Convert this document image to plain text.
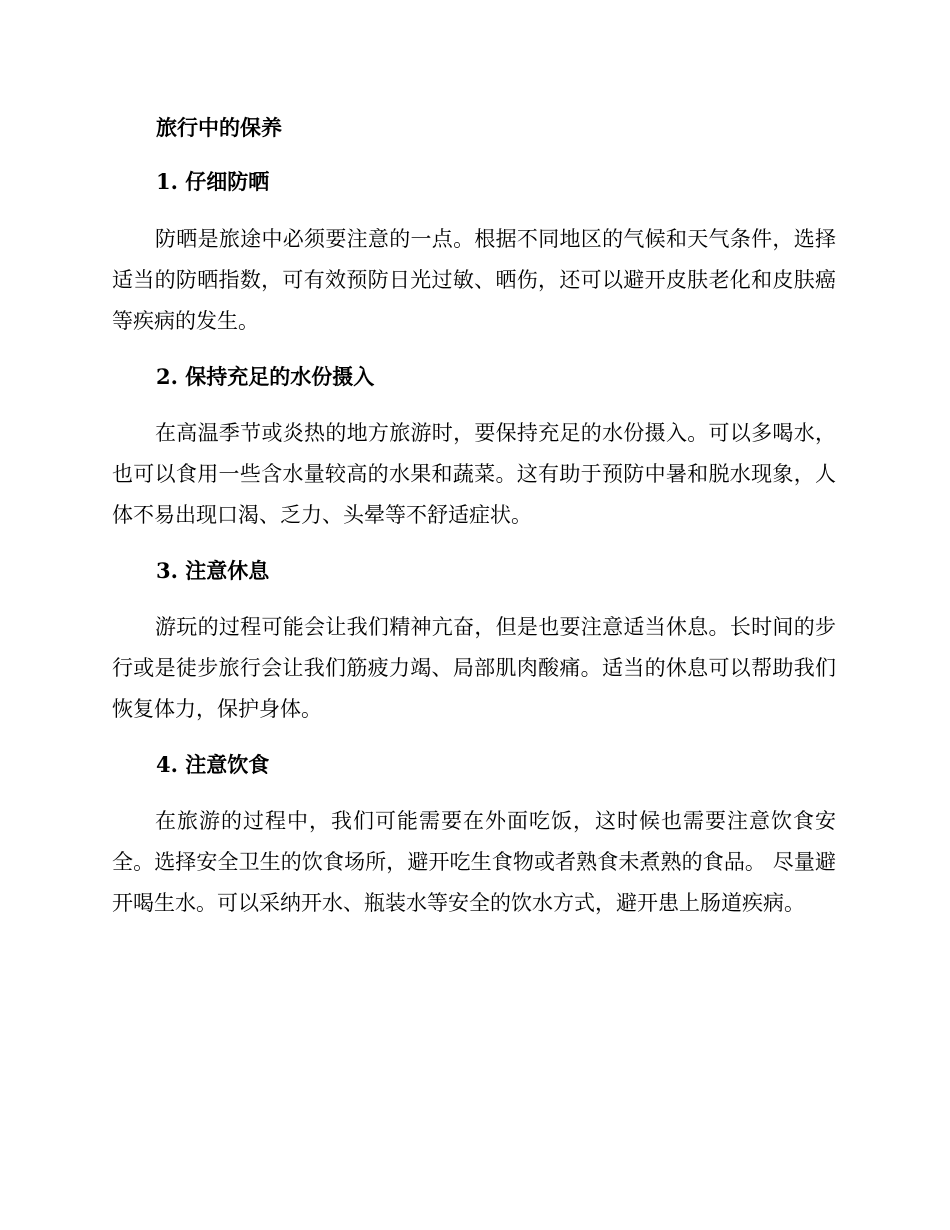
旅行中的保养
1. 仔细防晒

防晒是旅途中必须要注意的一点。根据不同地区的气候和天气条件，选择适当的防晒指数，可有效预防日光过敏、晒伤，还可以避开皮肤老化和皮肤癌等疾病的发生。

2. 保持充足的水份摄入

在高温季节或炎热的地方旅游时，要保持充足的水份摄入。可以多喝水，也可以食用一些含水量较高的水果和蔬菜。这有助于预防中暑和脱水现象，人体不易出现口渴、乏力、头晕等不舒适症状。

3. 注意休息

游玩的过程可能会让我们精神亢奋，但是也要注意适当休息。长时间的步行或是徒步旅行会让我们筋疲力竭、局部肌肉酸痛。适当的休息可以帮助我们恢复体力，保护身体。

4. 注意饮食

在旅游的过程中，我们可能需要在外面吃饭，这时候也需要注意饮食安全。选择安全卫生的饮食场所，避开吃生食物或者熟食未煮熟的食品。 尽量避开喝生水。可以采纳开水、瓶装水等安全的饮水方式，避开患上肠道疾病。
